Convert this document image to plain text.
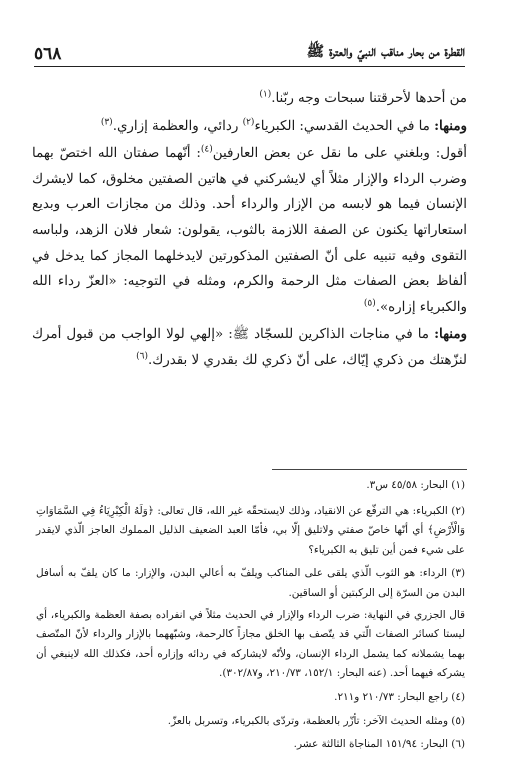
القطرة من بحار مناقب النبيّ والعترة ﷺ
٥٦٨

من أحدها لأحرقتنا سبحات وجه ربّنا.$^{(١)}$

ومنها: ما في الحديث القدسي: الكبرياء$^{(٢)}$ ردائي، والعظمة إزاري.$^{(٣)}$

أقول: وبلغني على ما نقل عن بعض العارفين$^{(٤)}$: أنّهما صفتان الله اختصّ بهما وضرب الرداء والإزار مثلاً أي لايشركني في هاتين الصفتين مخلوق، كما لايشرك الإنسان فيما هو لابسه من الإزار والرداء أحد. وذلك من مجازات العرب وبديع استعاراتها يكنون عن الصفة اللازمة بالثوب، يقولون: شعار فلان الزهد، ولباسه التقوى وفيه تنبيه على أنّ الصفتين المذكورتين لايدخلهما المجاز كما يدخل في ألفاظ بعض الصفات مثل الرحمة والكرم، ومثله في التوجيه: «العزّ رداء الله والكبرياء إزاره».$^{(٥)}$

ومنها: ما في مناجات الذاكرين للسجّاد ﷺ: «إلهي لولا الواجب من قبول أمرك لنزّهتك من ذكري إيّاك، على أنّ ذكري لك بقدري لا بقدرك.$^{(٦)}$

(١) البحار: ٤٥/٥٨ س٣.

(٢) الكبرياء: هي الترفّع عن الانقياد، وذلك لايستحقّه غير الله، قال تعالى: ﴿وَلَهُ الْكِبْرِيَاءُ فِي السَّمَاوَاتِ وَالْأَرْضِ﴾ أي أنّها خاصّ صفتي ولاتليق إلّا بي، فأمّا العبد الضعيف الذليل المملوك العاجز الّذي لايقدر على شيء فمن أين تليق به الكبرياء؟

(٣) الرداء: هو الثوب الّذي يلقى على المناكب ويلفّ به أعالي البدن، والإزار: ما كان يلفّ به أسافل البدن من السرّة إلى الركبتين أو الساقين.

قال الجزري في النهاية: ضرب الرداء والإزار في الحديث مثلاً في انفراده بصفة العظمة والكبرياء، أي ليستا كسائر الصفات الّتي قد يتّصف بها الخلق مجازاً كالرحمة، وشبّههما بالإزار والرداء لأنّ المتّصف بهما يشملانه كما يشمل الرداء الإنسان، ولأنّه لايشاركه في ردائه وإزاره أحد، فكذلك الله لاينبغي أن يشركه فيهما أحد. (عنه البحار: ١٥٢/١، ٢١٠/٧٣، و٣٠٢/٨٧).

(٤) راجع البحار: ٢١٠/٧٣ و٢١١.

(٥) ومثله الحديث الآخر: تأزّر بالعظمة، وتردّى بالكبرياء، وتسربل بالعزّ.

(٦) البحار: ١٥١/٩٤ المناجاة الثالثة عشر.
